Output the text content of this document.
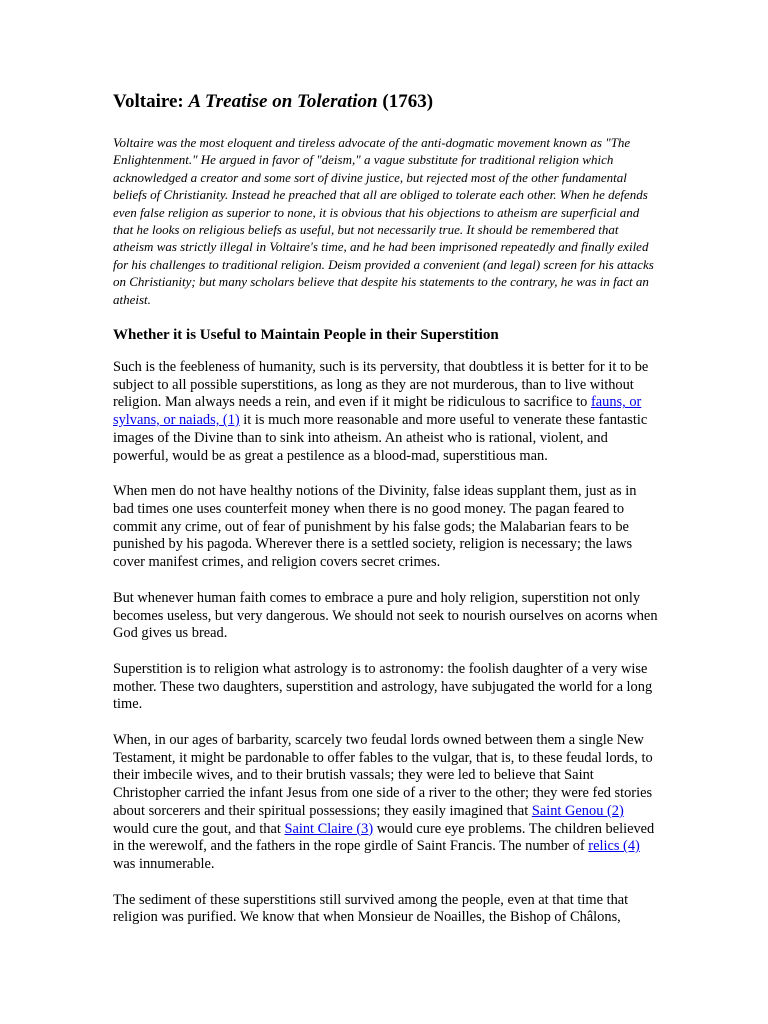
Voltaire: A Treatise on Toleration (1763)

Voltaire was the most eloquent and tireless advocate of the anti-dogmatic movement known as "The Enlightenment." He argued in favor of "deism," a vague substitute for traditional religion which acknowledged a creator and some sort of divine justice, but rejected most of the other fundamental beliefs of Christianity. Instead he preached that all are obliged to tolerate each other. When he defends even false religion as superior to none, it is obvious that his objections to atheism are superficial and that he looks on religious beliefs as useful, but not necessarily true. It should be remembered that atheism was strictly illegal in Voltaire's time, and he had been imprisoned repeatedly and finally exiled for his challenges to traditional religion. Deism provided a convenient (and legal) screen for his attacks on Christianity; but many scholars believe that despite his statements to the contrary, he was in fact an atheist.

Whether it is Useful to Maintain People in their Superstition

Such is the feebleness of humanity, such is its perversity, that doubtless it is better for it to be subject to all possible superstitions, as long as they are not murderous, than to live without religion. Man always needs a rein, and even if it might be ridiculous to sacrifice to fauns, or sylvans, or naiads, (1) it is much more reasonable and more useful to venerate these fantastic images of the Divine than to sink into atheism. An atheist who is rational, violent, and powerful, would be as great a pestilence as a blood-mad, superstitious man.

When men do not have healthy notions of the Divinity, false ideas supplant them, just as in bad times one uses counterfeit money when there is no good money. The pagan feared to commit any crime, out of fear of punishment by his false gods; the Malabarian fears to be punished by his pagoda. Wherever there is a settled society, religion is necessary; the laws cover manifest crimes, and religion covers secret crimes.

But whenever human faith comes to embrace a pure and holy religion, superstition not only becomes useless, but very dangerous. We should not seek to nourish ourselves on acorns when God gives us bread.

Superstition is to religion what astrology is to astronomy: the foolish daughter of a very wise mother. These two daughters, superstition and astrology, have subjugated the world for a long time.

When, in our ages of barbarity, scarcely two feudal lords owned between them a single New Testament, it might be pardonable to offer fables to the vulgar, that is, to these feudal lords, to their imbecile wives, and to their brutish vassals; they were led to believe that Saint Christopher carried the infant Jesus from one side of a river to the other; they were fed stories about sorcerers and their spiritual possessions; they easily imagined that Saint Genou (2) would cure the gout, and that Saint Claire (3) would cure eye problems. The children believed in the werewolf, and the fathers in the rope girdle of Saint Francis. The number of relics (4) was innumerable.

The sediment of these superstitions still survived among the people, even at that time that religion was purified. We know that when Monsieur de Noailles, the Bishop of Châlons,
